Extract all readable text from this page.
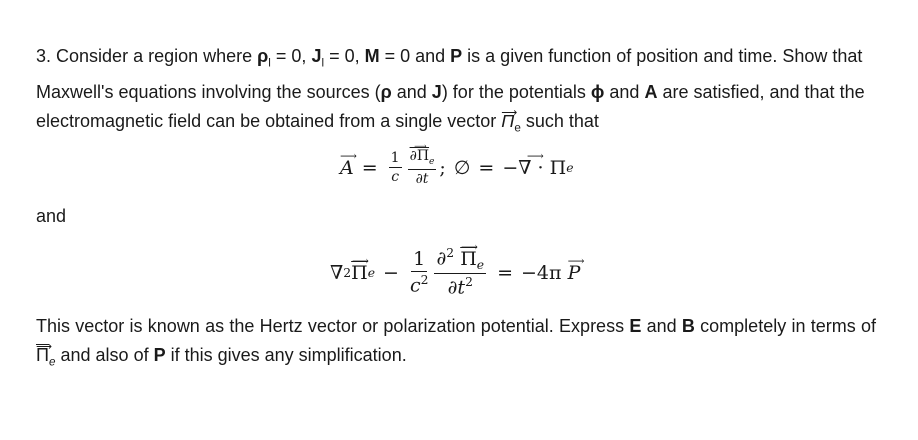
3. Consider a region where $\rho_l = 0$, $J_l = 0$, M = 0 and P is a given function of position and time. Show that Maxwell's equations involving the sources (ρ and J) for the potentials ϕ and A are satisfied, and that the electromagnetic field can be obtained from a single vector Π $⟶_e$ such that
A ⟶ = $\frac{1}{c} \frac{\partial\Pi ⟶_e}{\partial t}$ ; ∅ = −∇ · Π ⟶ e
and
∇ 2 $\overline{\Pi}$ ⟶ $e - \frac{1}{c^2} \frac{\partial^2 \overline{\Pi} ⟶_e}{\partial t^2} = -4\pi$
P ⟶
This vector is known as the Hertz vector or polarization potential. Express E and B completely in terms of $\overline{\Pi}$ $⟶_e$ and also of P if this gives any simplification.
